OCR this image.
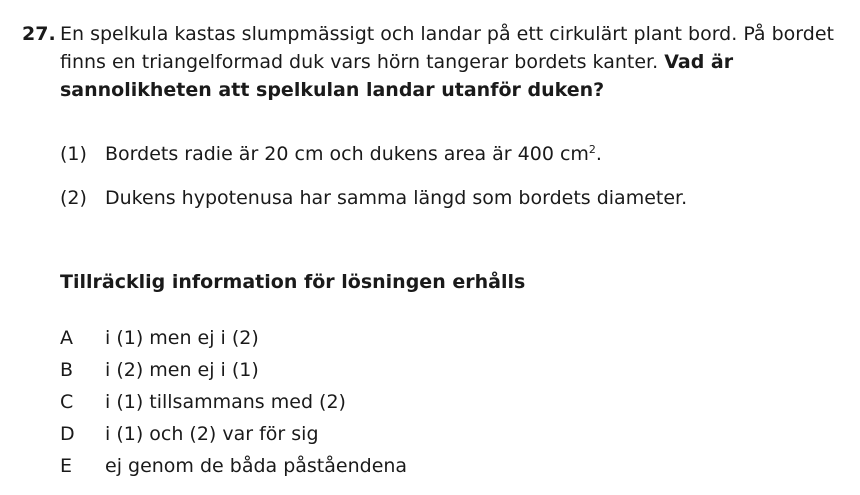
27. En spelkula kastas slumpmässigt och landar på ett cirkulärt plant bord. På bordet finns en triangelformad duk vars hörn tangerar bordets kanter. Vad är sannolikheten att spelkulan landar utanför duken?
(1) Bordets radie är 20 cm och dukens area är 400 $cm^2$.
(2) Dukens hypotenusa har samma längd som bordets diameter.
Tillräcklig information för lösningen erhålls
A	i (1) men ej i (2)
B	i (2) men ej i (1)
C	i (1) tillsammans med (2)
D	i (1) och (2) var för sig
E	ej genom de båda påståendena
